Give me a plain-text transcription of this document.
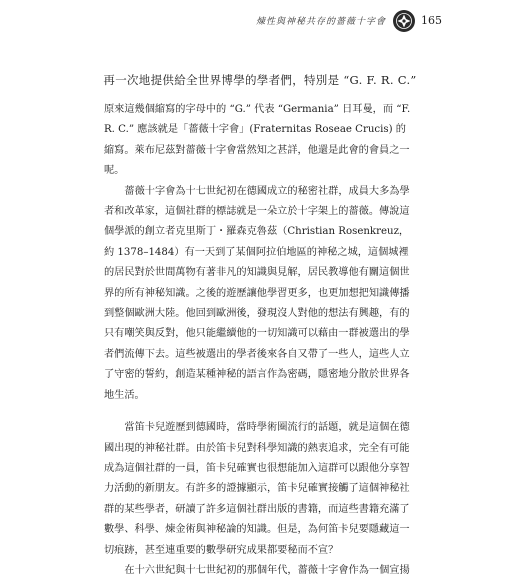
煉性與神秘共存的薔薇十字會	165
再一次地提供給全世界博學的學者們，特別是 “G. F. R. C.”

原來這幾個縮寫的字母中的 “G.” 代表 “Germania” 日耳曼，而 “F. R. C.” 應該就是「薔薇十字會」(Fraternitas Roseae Crucis) 的縮寫。萊布尼茲對薔薇十字會當然知之甚詳，他還是此會的會員之一呢。

薔薇十字會為十七世紀初在德國成立的秘密社群，成員大多為學者和改革家，這個社群的標誌就是一朵立於十字架上的薔薇。傳說這個學派的創立者克里斯丁・羅森克魯茲（Christian Rosenkreuz，約 1378–1484）有一天到了某個阿拉伯地區的神秘之城，這個城裡的居民對於世間萬物有著非凡的知識與見解，居民教導他有關這個世界的所有神秘知識。之後的遊歷讓他學習更多，也更加想把知識傳播到整個歐洲大陸。他回到歐洲後，發現沒人對他的想法有興趣，有的只有嘲笑與反對，他只能繼續他的一切知識可以藉由一群被選出的學者們流傳下去。這些被選出的學者後來各自又帶了一些人，這些人立了守密的誓約，創造某種神秘的語言作為密碼，隱密地分散於世界各地生活。

當笛卡兒遊歷到德國時，當時學術圈流行的話題，就是這個在德國出現的神秘社群。由於笛卡兒對科學知識的熱衷追求，完全有可能成為這個社群的一員，笛卡兒確實也很想能加入這群可以跟他分享智力活動的新朋友。有許多的證據顯示，笛卡兒確實接觸了這個神秘社群的某些學者，研讀了許多這個社群出版的書籍，而這些書籍充滿了數學、科學、煉金術與神秘論的知識。但是，為何笛卡兒要隱藏這一切痕跡，甚至連重要的數學研究成果都要秘而不宣？

在十六世紀與十七世紀初的那個年代，薔薇十字會作為一個宣揚
